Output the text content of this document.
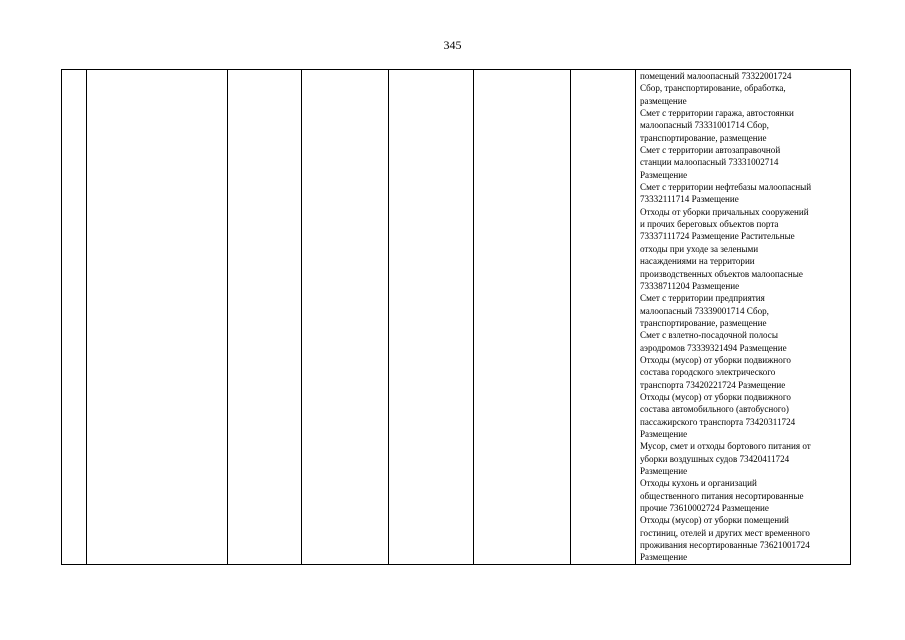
345

помещений малоопасный 73322001724
Сбор, транспортирование, обработка,
размещение
Смет с территории гаража, автостоянки
малоопасный 73331001714 Сбор,
транспортирование, размещение
Смет с территории автозаправочной
станции малоопасный 73331002714
Размещение
Смет с территории нефтебазы малоопасный
73332111714 Размещение
Отходы от уборки причальных сооружений
и прочих береговых объектов порта
73337111724 Размещение Растительные
отходы при уходе за зелеными
насаждениями на территории
производственных объектов малоопасные
73338711204 Размещение
Смет с территории предприятия
малоопасный 73339001714 Сбор,
транспортирование, размещение
Смет с взлетно-посадочной полосы
аэродромов 73339321494 Размещение
Отходы (мусор) от уборки подвижного
состава городского электрического
транспорта 73420221724 Размещение
Отходы (мусор) от уборки подвижного
состава автомобильного (автобусного)
пассажирского транспорта 73420311724
Размещение
Мусор, смет и отходы бортового питания от
уборки воздушных судов 73420411724
Размещение
Отходы кухонь и организаций
общественного питания несортированные
прочие 73610002724 Размещение
Отходы (мусор) от уборки помещений
гостиниц, отелей и других мест временного
проживания несортированные 73621001724
Размещение
